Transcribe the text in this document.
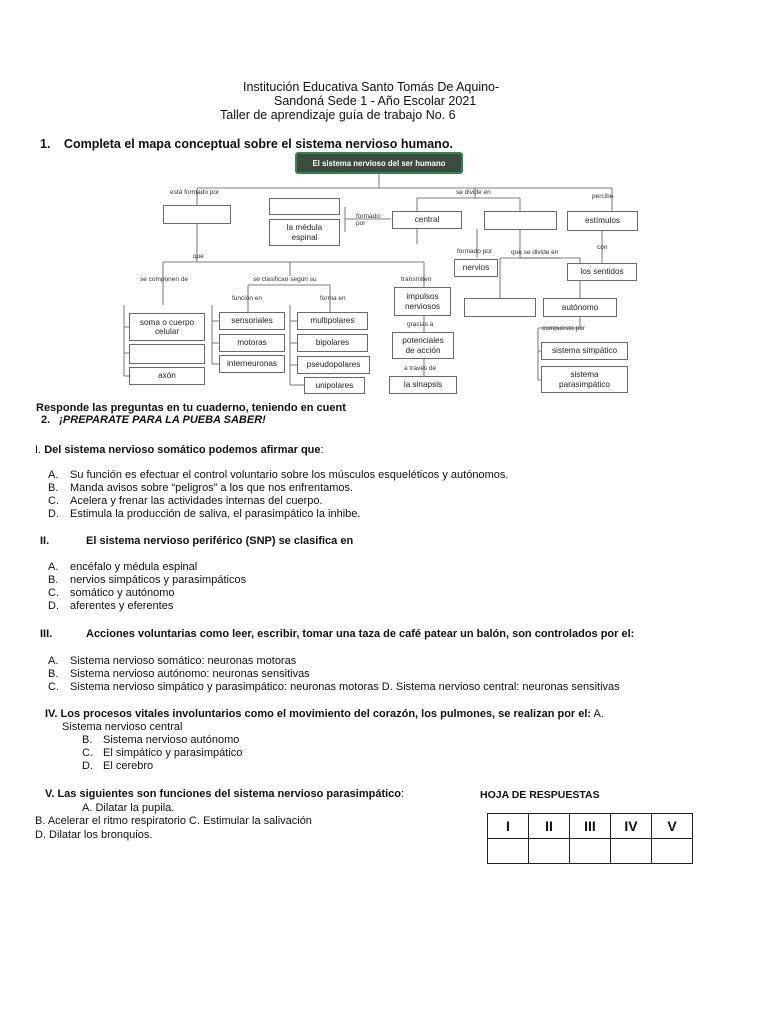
Institución Educativa Santo Tomás De Aquino-
Sandoná Sede 1 - Año Escolar 2021
Taller de aprendizaje guía de trabajo No. 6
1. Completa el mapa conceptual sobre el sistema nervioso humano.
El sistema nervioso del ser humano
está formado por	se divide en
percibe
formado por
formado por	que se divide en
con
que
se componen de	se clasifican según su	transmiten
función en	forma en
gracias a
a través de
compuesto por
la médula espinal
central	estímulos
nervios	los sentidos
impulsos nerviosos	autónomo
soma o cuerpo celular
axón
sensoriales
motoras
interneuronas
multipolares
bipolares
pseudopolares
unipolares
potenciales de acción
la sinapsis
sistema simpático
sistema parasimpático
Responde las preguntas en tu cuaderno, teniendo en cuent
2. ¡PREPARATE PARA LA PUEBA SABER!
I. Del sistema nervioso somático podemos afirmar que:
A. Su función es efectuar el control voluntario sobre los músculos esqueléticos y autónomos.
B. Manda avisos sobre “peligros” a los que nos enfrentamos.
C. Acelera y frenar las actividades internas del cuerpo.
D. Estimula la producción de saliva, el parasimpático la inhibe.
II.	El sistema nervioso periférico (SNP) se clasifica en
A. encéfalo y médula espinal
B. nervios simpáticos y parasimpáticos
C. somático y autónomo
D. aferentes y eferentes
III.	Acciones voluntarias como leer, escribir, tomar una taza de café patear un balón, son controlados por el:
A. Sistema nervioso somático: neuronas motoras
B. Sistema nervioso autónomo: neuronas sensitivas
C. Sistema nervioso simpático y parasimpático: neuronas motoras D. Sistema nervioso central: neuronas sensitivas
IV. Los procesos vitales involuntarios como el movimiento del corazón, los pulmones, se realizan por el: A.
Sistema nervioso central
B. Sistema nervioso autónomo
C. El simpático y parasimpático
D. El cerebro
V. Las siguientes son funciones del sistema nervioso parasimpático:
A. Dilatar la pupila.
B. Acelerar el ritmo respiratorio C. Estimular la salivación
D. Dilatar los bronquios.
HOJA DE RESPUESTAS
I	II	III	IV	V
